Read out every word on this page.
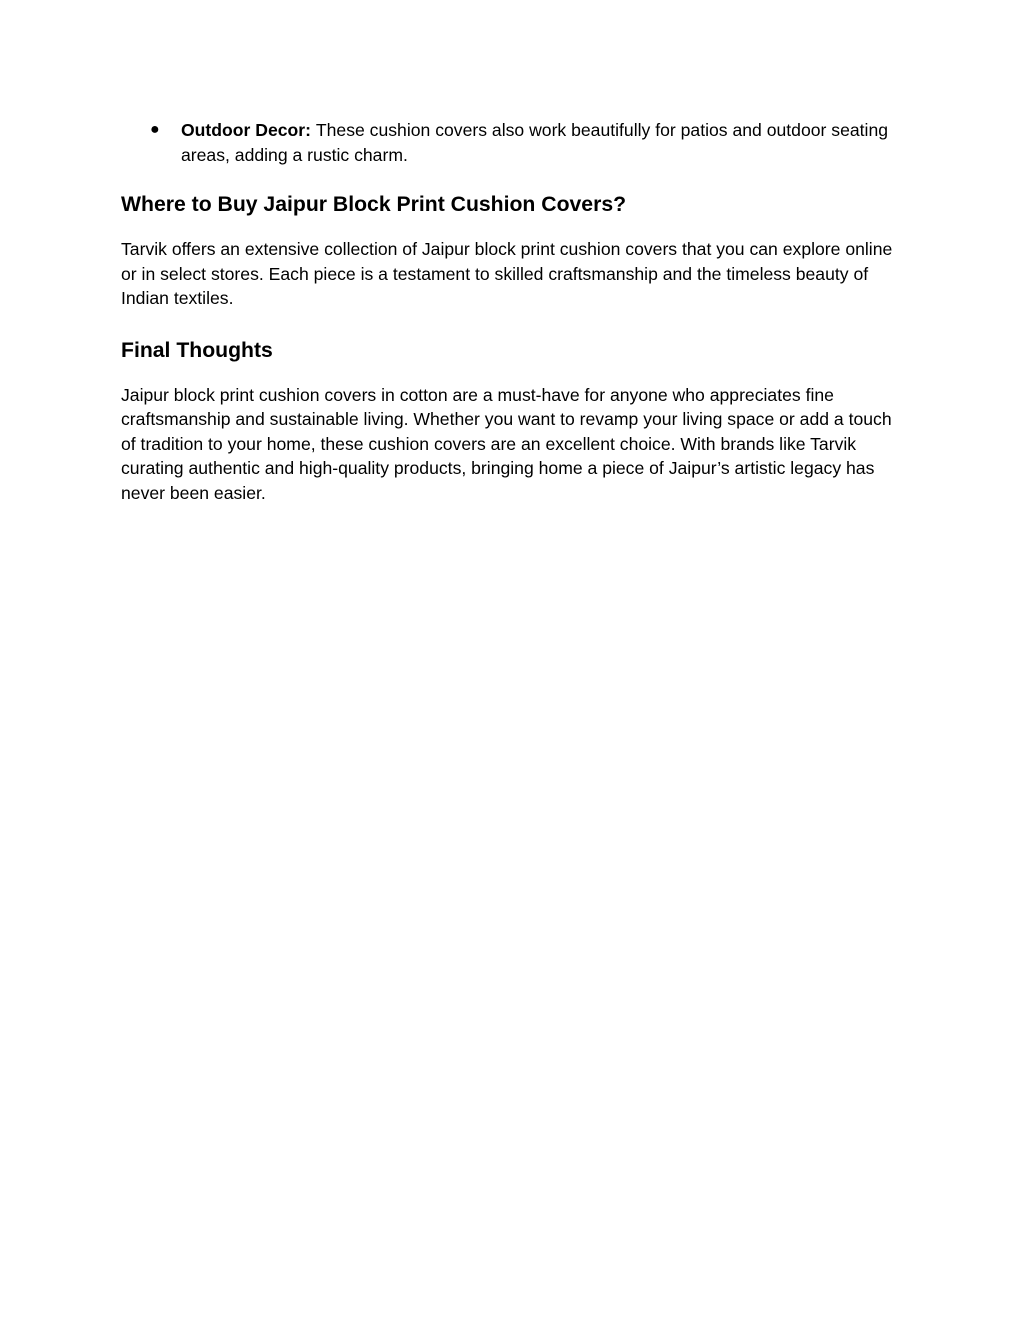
● Outdoor Decor: These cushion covers also work beautifully for patios and outdoor seating areas, adding a rustic charm.
Where to Buy Jaipur Block Print Cushion Covers?

Tarvik offers an extensive collection of Jaipur block print cushion covers that you can explore online or in select stores. Each piece is a testament to skilled craftsmanship and the timeless beauty of Indian textiles.

Final Thoughts

Jaipur block print cushion covers in cotton are a must-have for anyone who appreciates fine craftsmanship and sustainable living. Whether you want to revamp your living space or add a touch of tradition to your home, these cushion covers are an excellent choice. With brands like Tarvik curating authentic and high-quality products, bringing home a piece of Jaipur’s artistic legacy has never been easier.
